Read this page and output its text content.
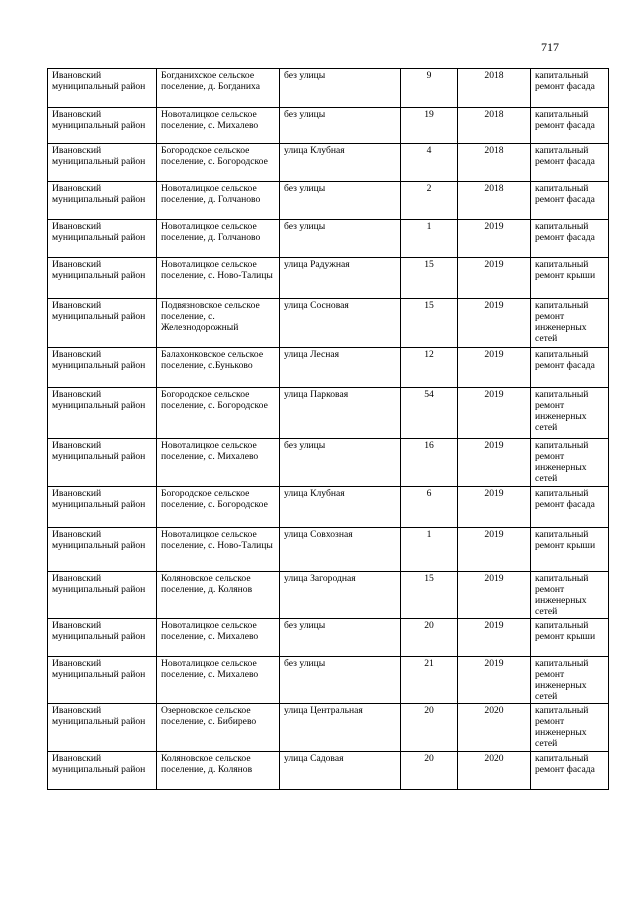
717
Ивановский муниципальный район	Богданихское сельское поселение, д. Богданиха	без улицы	9	2018	капитальный ремонт фасада
Ивановский муниципальный район	Новоталицкое сельское поселение, с. Михалево	без улицы	19	2018	капитальный ремонт фасада
Ивановский муниципальный район	Богородское сельское поселение, с. Богородское	улица Клубная	4	2018	капитальный ремонт фасада
Ивановский муниципальный район	Новоталицкое сельское поселение, д. Голчаново	без улицы	2	2018	капитальный ремонт фасада
Ивановский муниципальный район	Новоталицкое сельское поселение, д. Голчаново	без улицы	1	2019	капитальный ремонт фасада
Ивановский муниципальный район	Новоталицкое сельское поселение, с. Ново-Талицы	улица Радужная	15	2019	капитальный ремонт крыши
Ивановский муниципальный район	Подвязновское сельское поселение, с. Железнодорожный	улица Сосновая	15	2019	капитальный ремонт инженерных сетей
Ивановский муниципальный район	Балахонковское сельское поселение, с.Буньково	улица Лесная	12	2019	капитальный ремонт фасада
Ивановский муниципальный район	Богородское сельское поселение, с. Богородское	улица Парковая	54	2019	капитальный ремонт инженерных сетей
Ивановский муниципальный район	Новоталицкое сельское поселение, с. Михалево	без улицы	16	2019	капитальный ремонт инженерных сетей
Ивановский муниципальный район	Богородское сельское поселение, с. Богородское	улица Клубная	6	2019	капитальный ремонт фасада
Ивановский муниципальный район	Новоталицкое сельское поселение, с. Ново-Талицы	улица Совхозная	1	2019	капитальный ремонт крыши
Ивановский муниципальный район	Коляновское сельское поселение, д. Колянов	улица Загородная	15	2019	капитальный ремонт инженерных сетей
Ивановский муниципальный район	Новоталицкое сельское поселение, с. Михалево	без улицы	20	2019	капитальный ремонт крыши
Ивановский муниципальный район	Новоталицкое сельское поселение, с. Михалево	без улицы	21	2019	капитальный ремонт инженерных сетей
Ивановский муниципальный район	Озерновское сельское поселение, с. Бибирево	улица Центральная	20	2020	капитальный ремонт инженерных сетей
Ивановский муниципальный район	Коляновское сельское поселение, д. Колянов	улица Садовая	20	2020	капитальный ремонт фасада
